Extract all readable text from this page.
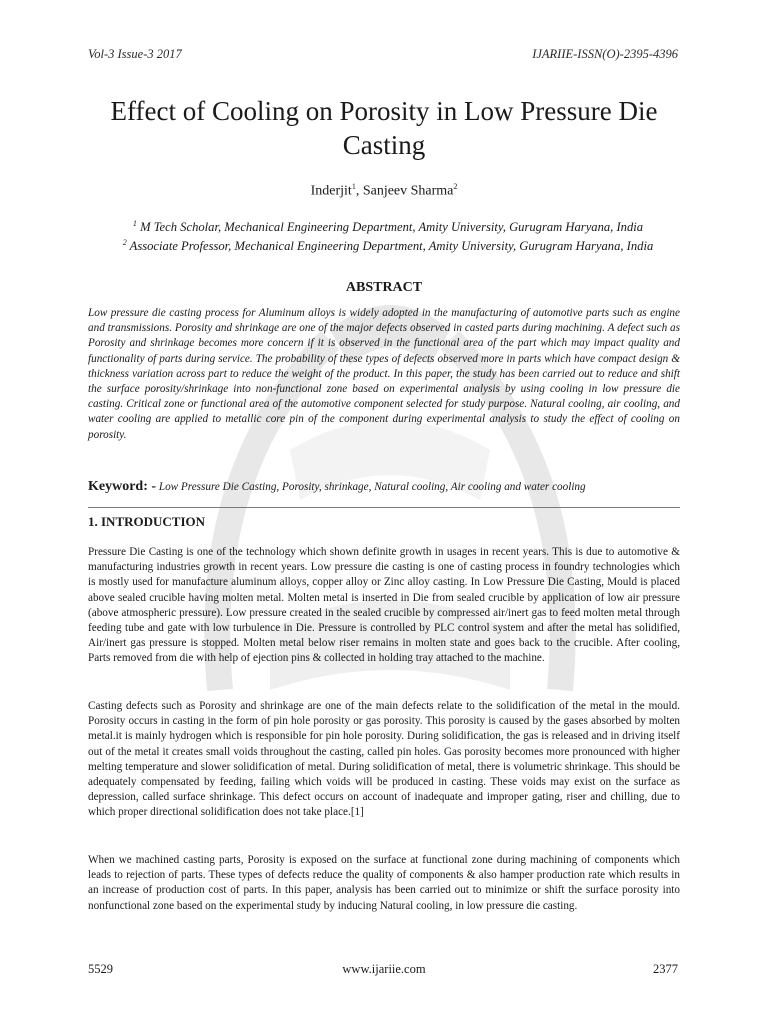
Vol-3 Issue-3 2017	IJARIIE-ISSN(O)-2395-4396
Effect of Cooling on Porosity in Low Pressure Die Casting
Inderjit$^1$, Sanjeev Sharma$^2$
$^1$ M Tech Scholar, Mechanical Engineering Department, Amity University, Gurugram Haryana, India
$^2$ Associate Professor, Mechanical Engineering Department, Amity University, Gurugram Haryana, India
ABSTRACT
Low pressure die casting process for Aluminum alloys is widely adopted in the manufacturing of automotive parts such as engine and transmissions. Porosity and shrinkage are one of the major defects observed in casted parts during machining. A defect such as Porosity and shrinkage becomes more concern if it is observed in the functional area of the part which may impact quality and functionality of parts during service. The probability of these types of defects observed more in parts which have compact design & thickness variation across part to reduce the weight of the product. In this paper, the study has been carried out to reduce and shift the surface porosity/shrinkage into non-functional zone based on experimental analysis by using cooling in low pressure die casting. Critical zone or functional area of the automotive component selected for study purpose. Natural cooling, air cooling, and water cooling are applied to metallic core pin of the component during experimental analysis to study the effect of cooling on porosity.
Keyword: - Low Pressure Die Casting, Porosity, shrinkage, Natural cooling, Air cooling and water cooling
1. INTRODUCTION
Pressure Die Casting is one of the technology which shown definite growth in usages in recent years. This is due to automotive & manufacturing industries growth in recent years. Low pressure die casting is one of casting process in foundry technologies which is mostly used for manufacture aluminum alloys, copper alloy or Zinc alloy casting. In Low Pressure Die Casting, Mould is placed above sealed crucible having molten metal. Molten metal is inserted in Die from sealed crucible by application of low air pressure (above atmospheric pressure). Low pressure created in the sealed crucible by compressed air/inert gas to feed molten metal through feeding tube and gate with low turbulence in Die. Pressure is controlled by PLC control system and after the metal has solidified, Air/inert gas pressure is stopped. Molten metal below riser remains in molten state and goes back to the crucible. After cooling, Parts removed from die with help of ejection pins & collected in holding tray attached to the machine.
Casting defects such as Porosity and shrinkage are one of the main defects relate to the solidification of the metal in the mould. Porosity occurs in casting in the form of pin hole porosity or gas porosity. This porosity is caused by the gases absorbed by molten metal.it is mainly hydrogen which is responsible for pin hole porosity. During solidification, the gas is released and in driving itself out of the metal it creates small voids throughout the casting, called pin holes. Gas porosity becomes more pronounced with higher melting temperature and slower solidification of metal. During solidification of metal, there is volumetric shrinkage. This should be adequately compensated by feeding, failing which voids will be produced in casting. These voids may exist on the surface as depression, called surface shrinkage. This defect occurs on account of inadequate and improper gating, riser and chilling, due to which proper directional solidification does not take place.[1]
When we machined casting parts, Porosity is exposed on the surface at functional zone during machining of components which leads to rejection of parts. These types of defects reduce the quality of components & also hamper production rate which results in an increase of production cost of parts. In this paper, analysis has been carried out to minimize or shift the surface porosity into nonfunctional zone based on the experimental study by inducing Natural cooling, in low pressure die casting.
5529	www.ijariie.com	2377
